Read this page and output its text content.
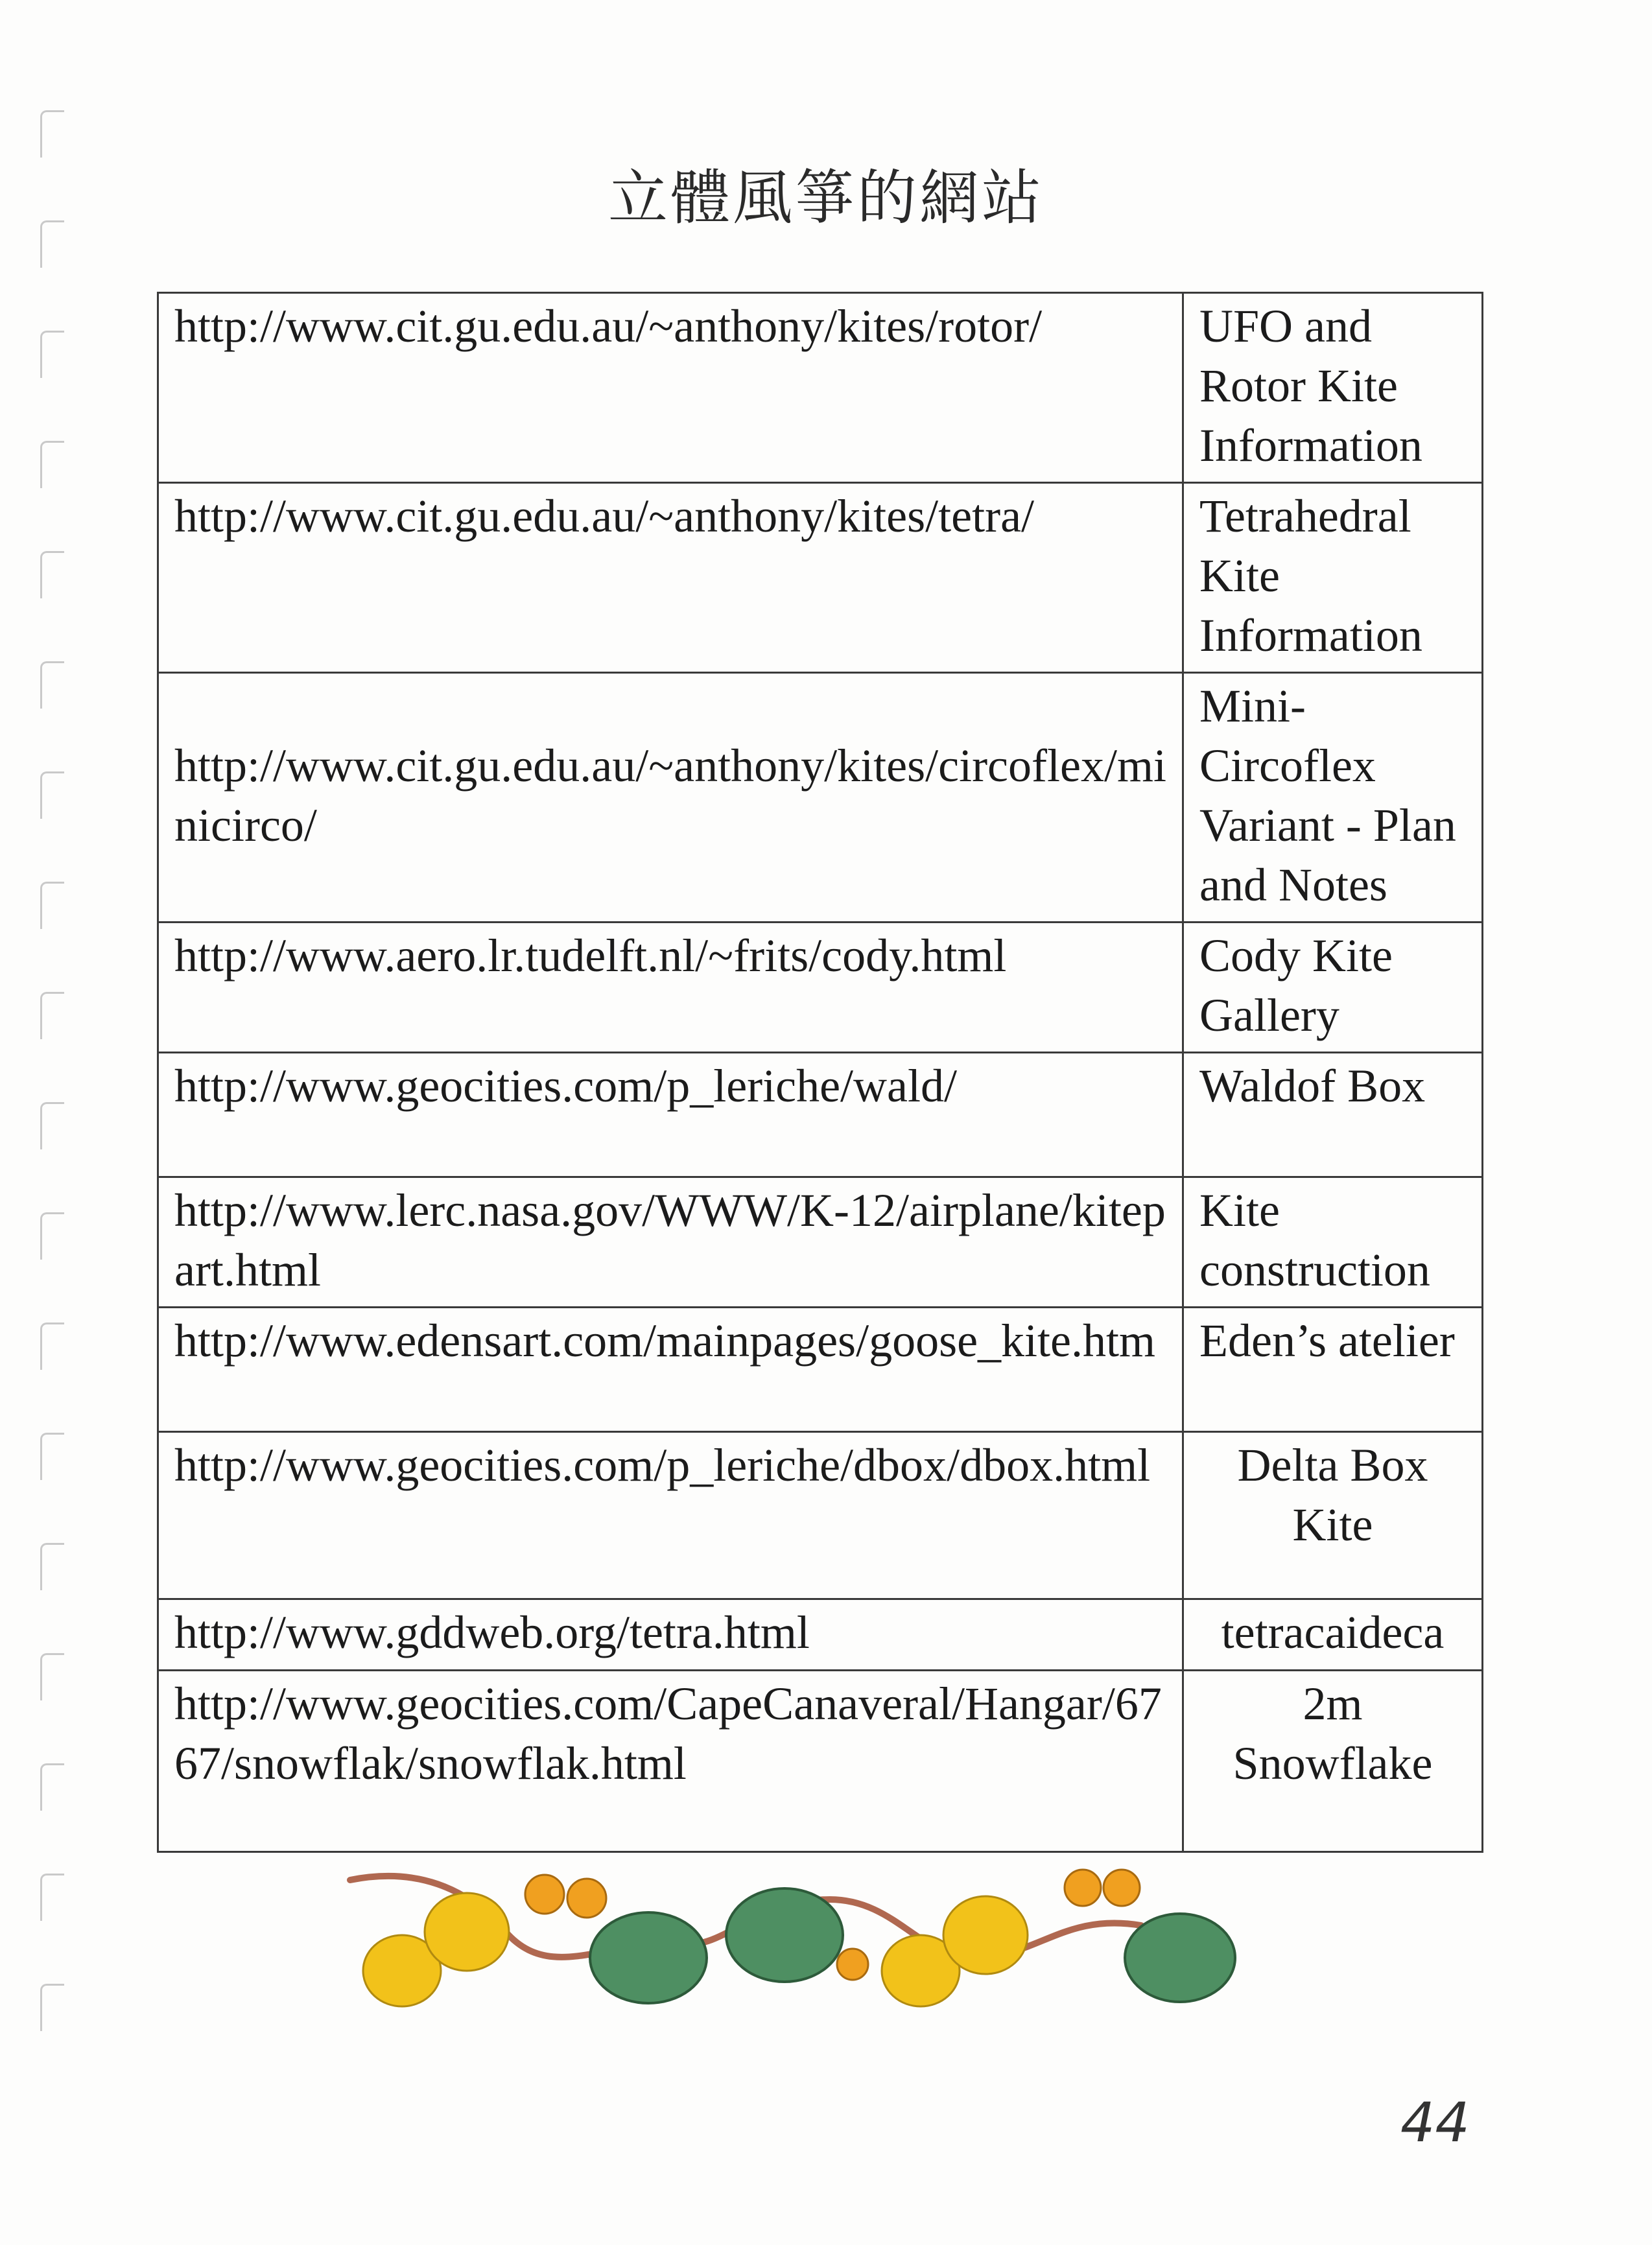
立體風箏的網站
http://www.cit.gu.edu.au/~anthony/kites/rotor/	UFO and Rotor Kite Information
http://www.cit.gu.edu.au/~anthony/kites/tetra/	Tetrahedral Kite Information
http://www.cit.gu.edu.au/~anthony/kites/circoflex/minicirco/	Mini-Circoflex Variant - Plan and Notes
http://www.aero.lr.tudelft.nl/~frits/cody.html	Cody Kite Gallery
http://www.geocities.com/p_leriche/wald/	Waldof Box
http://www.lerc.nasa.gov/WWW/K-12/airplane/kitepart.html	Kite construction
http://www.edensart.com/mainpages/goose_kite.htm	Eden’s atelier
http://www.geocities.com/p_leriche/dbox/dbox.html	Delta Box Kite
http://www.gddweb.org/tetra.html	tetracaideca
http://www.geocities.com/CapeCanaveral/Hangar/6767/snowflak/snowflak.html	2m Snowflake
44
